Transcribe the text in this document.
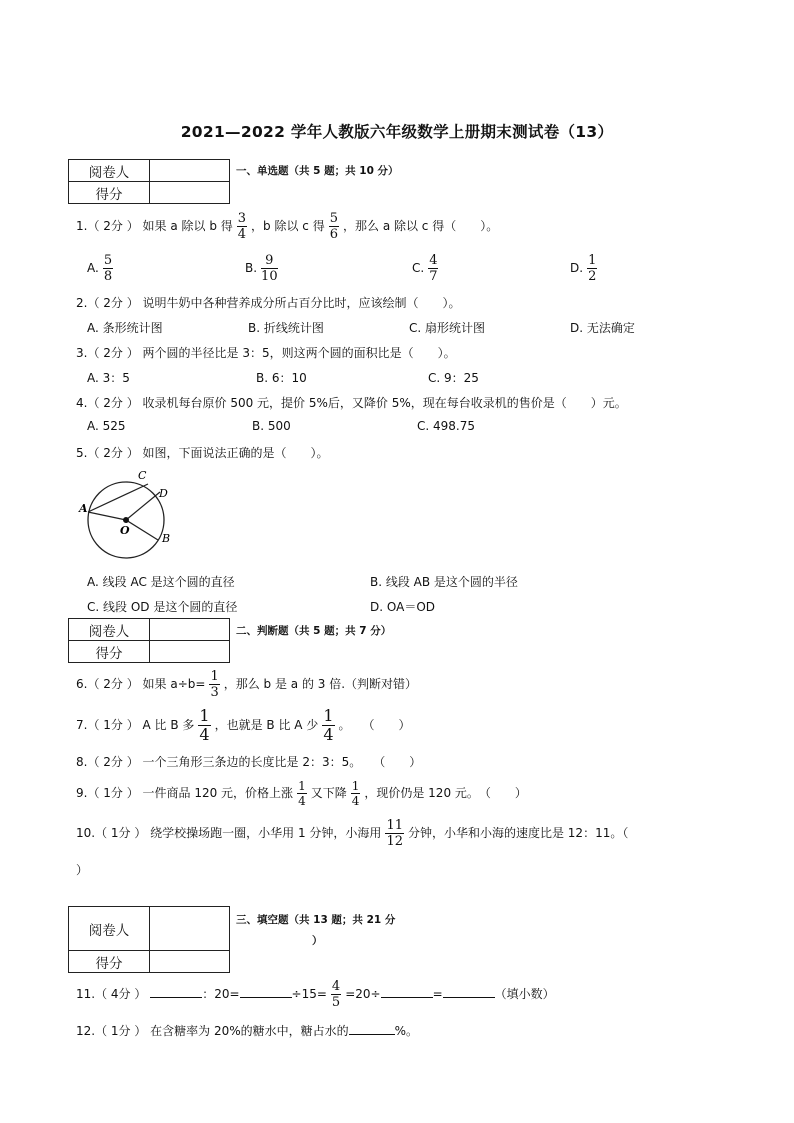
2021—2022 学年人教版六年级数学上册期末测试卷（13）
阅卷人	
得分	
一、单选题（共 5 题；共 10 分）
1.（ 2分 ） 如果 a 除以 b 得 $\frac{3}{4}$ ，b 除以 c 得 $\frac{5}{6}$ ，那么 a 除以 c 得（　　）。
A. $\frac{5}{8}$	B. $\frac{9}{10}$	C. $\frac{4}{7}$	D. $\frac{1}{2}$
2.（ 2分 ） 说明牛奶中各种营养成分所占百分比时，应该绘制（　　）。
A. 条形统计图	B. 折线统计图	C. 扇形统计图	D. 无法确定
3.（ 2分 ） 两个圆的半径比是 3：5，则这两个圆的面积比是（　　）。
A. 3：5	B. 6：10	C. 9：25
4.（ 2分 ） 收录机每台原价 500 元，提价 5%后，又降价 5%，现在每台收录机的售价是（　　）元。
A. 525	B. 500	C. 498.75
5.（ 2分 ） 如图，下面说法正确的是（　　）。
C
D
A
O
B
A. 线段 AC 是这个圆的直径	B. 线段 AB 是这个圆的半径
C. 线段 OD 是这个圆的直径	D. OA＝OD
阅卷人	
得分	
二、判断题（共 5 题；共 7 分）
6.（ 2分 ） 如果 $a\div b= \frac{1}{3}$ ，那么 b 是 a 的 3 倍.（判断对错）
7.（ 1分 ） A 比 B 多 $\frac{1}{4}$ ，也就是 B 比 A 少 $\frac{1}{4}$ 。　　（　　）
8.（ 2分 ） 一个三角形三条边的长度比是 2：3：5。　　（　　）
9.（ 1分 ） 一件商品 120 元，价格上涨 $\frac{1}{4}$ 又下降 $\frac{1}{4}$ ，现价仍是 120 元。　（　　）
10.（ 1分 ） 绕学校操场跑一圈，小华用 1 分钟，小海用 $\frac{11}{12}$ 分钟，小华和小海的速度比是 12：11。（
）
阅卷人	
得分	
三、填空题（共 13 题；共 21 分
）
11.（ 4分 ）	：20=	$\div 15= \frac{4}{5} =20\div$	=	（填小数）
12.（ 1分 ） 在含糖率为 20%的糖水中，糖占水的	%。
